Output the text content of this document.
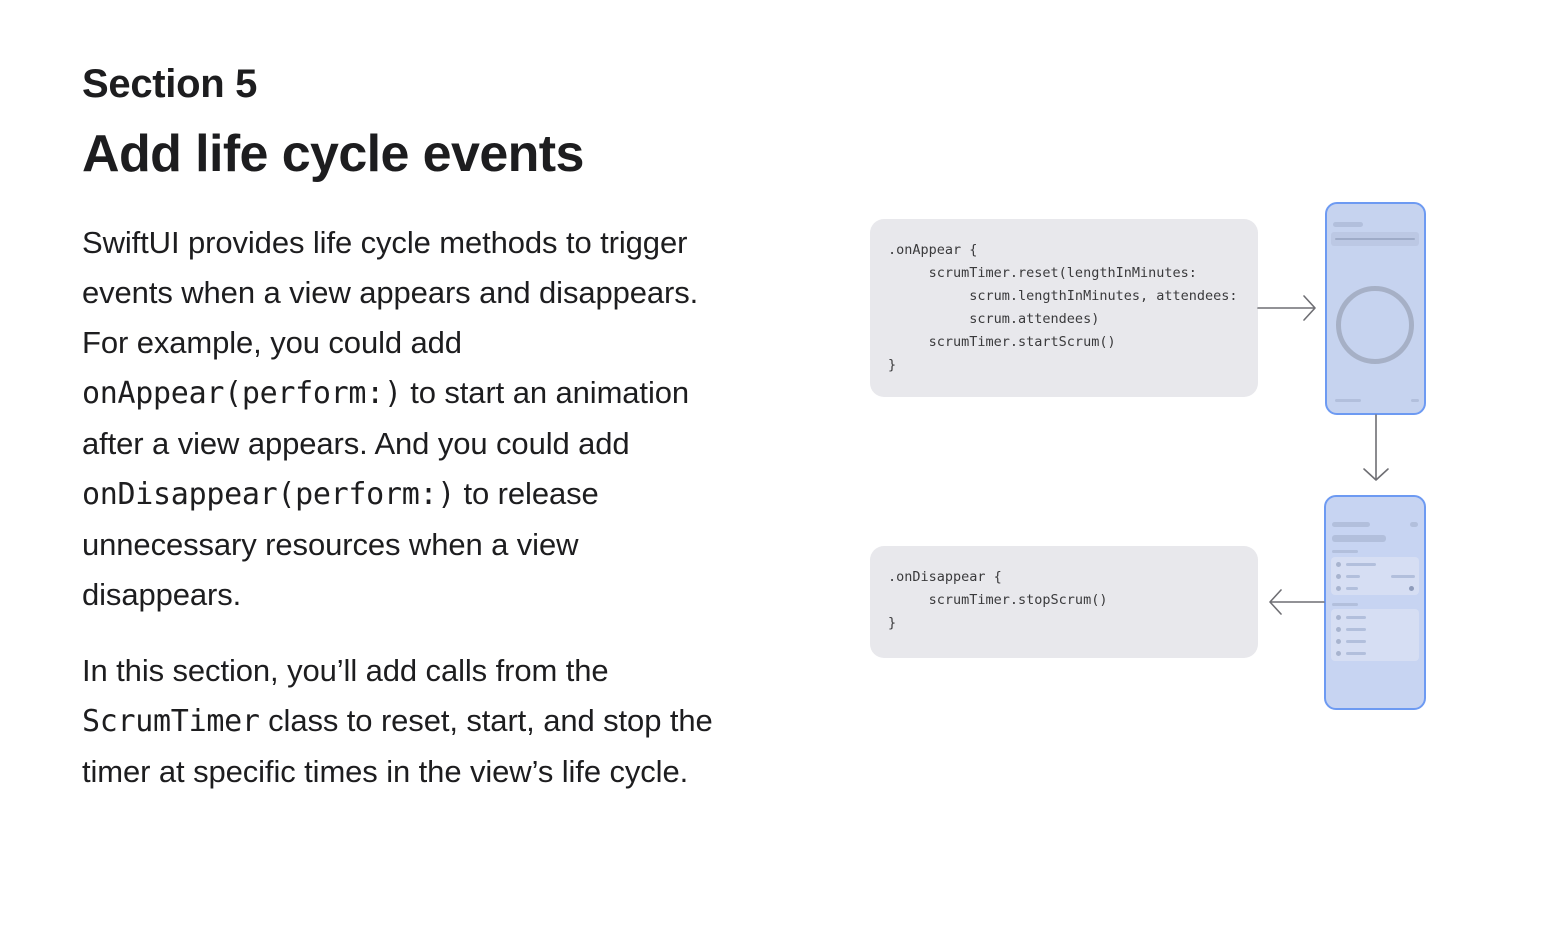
Section 5
Add life cycle events

SwiftUI provides life cycle methods to trigger events when a view appears and disappears. For example, you could add onAppear(perform:) to start an animation after a view appears. And you could add onDisappear(perform:) to release unnecessary resources when a view disappears.

In this section, you’ll add calls from the ScrumTimer class to reset, start, and stop the timer at specific times in the view’s life cycle.

.onAppear {
scrumTimer.reset(lengthInMinutes:
scrum.lengthInMinutes, attendees:
scrum.attendees)
scrumTimer.startScrum()
}
.onDisappear {
scrumTimer.stopScrum()
}
